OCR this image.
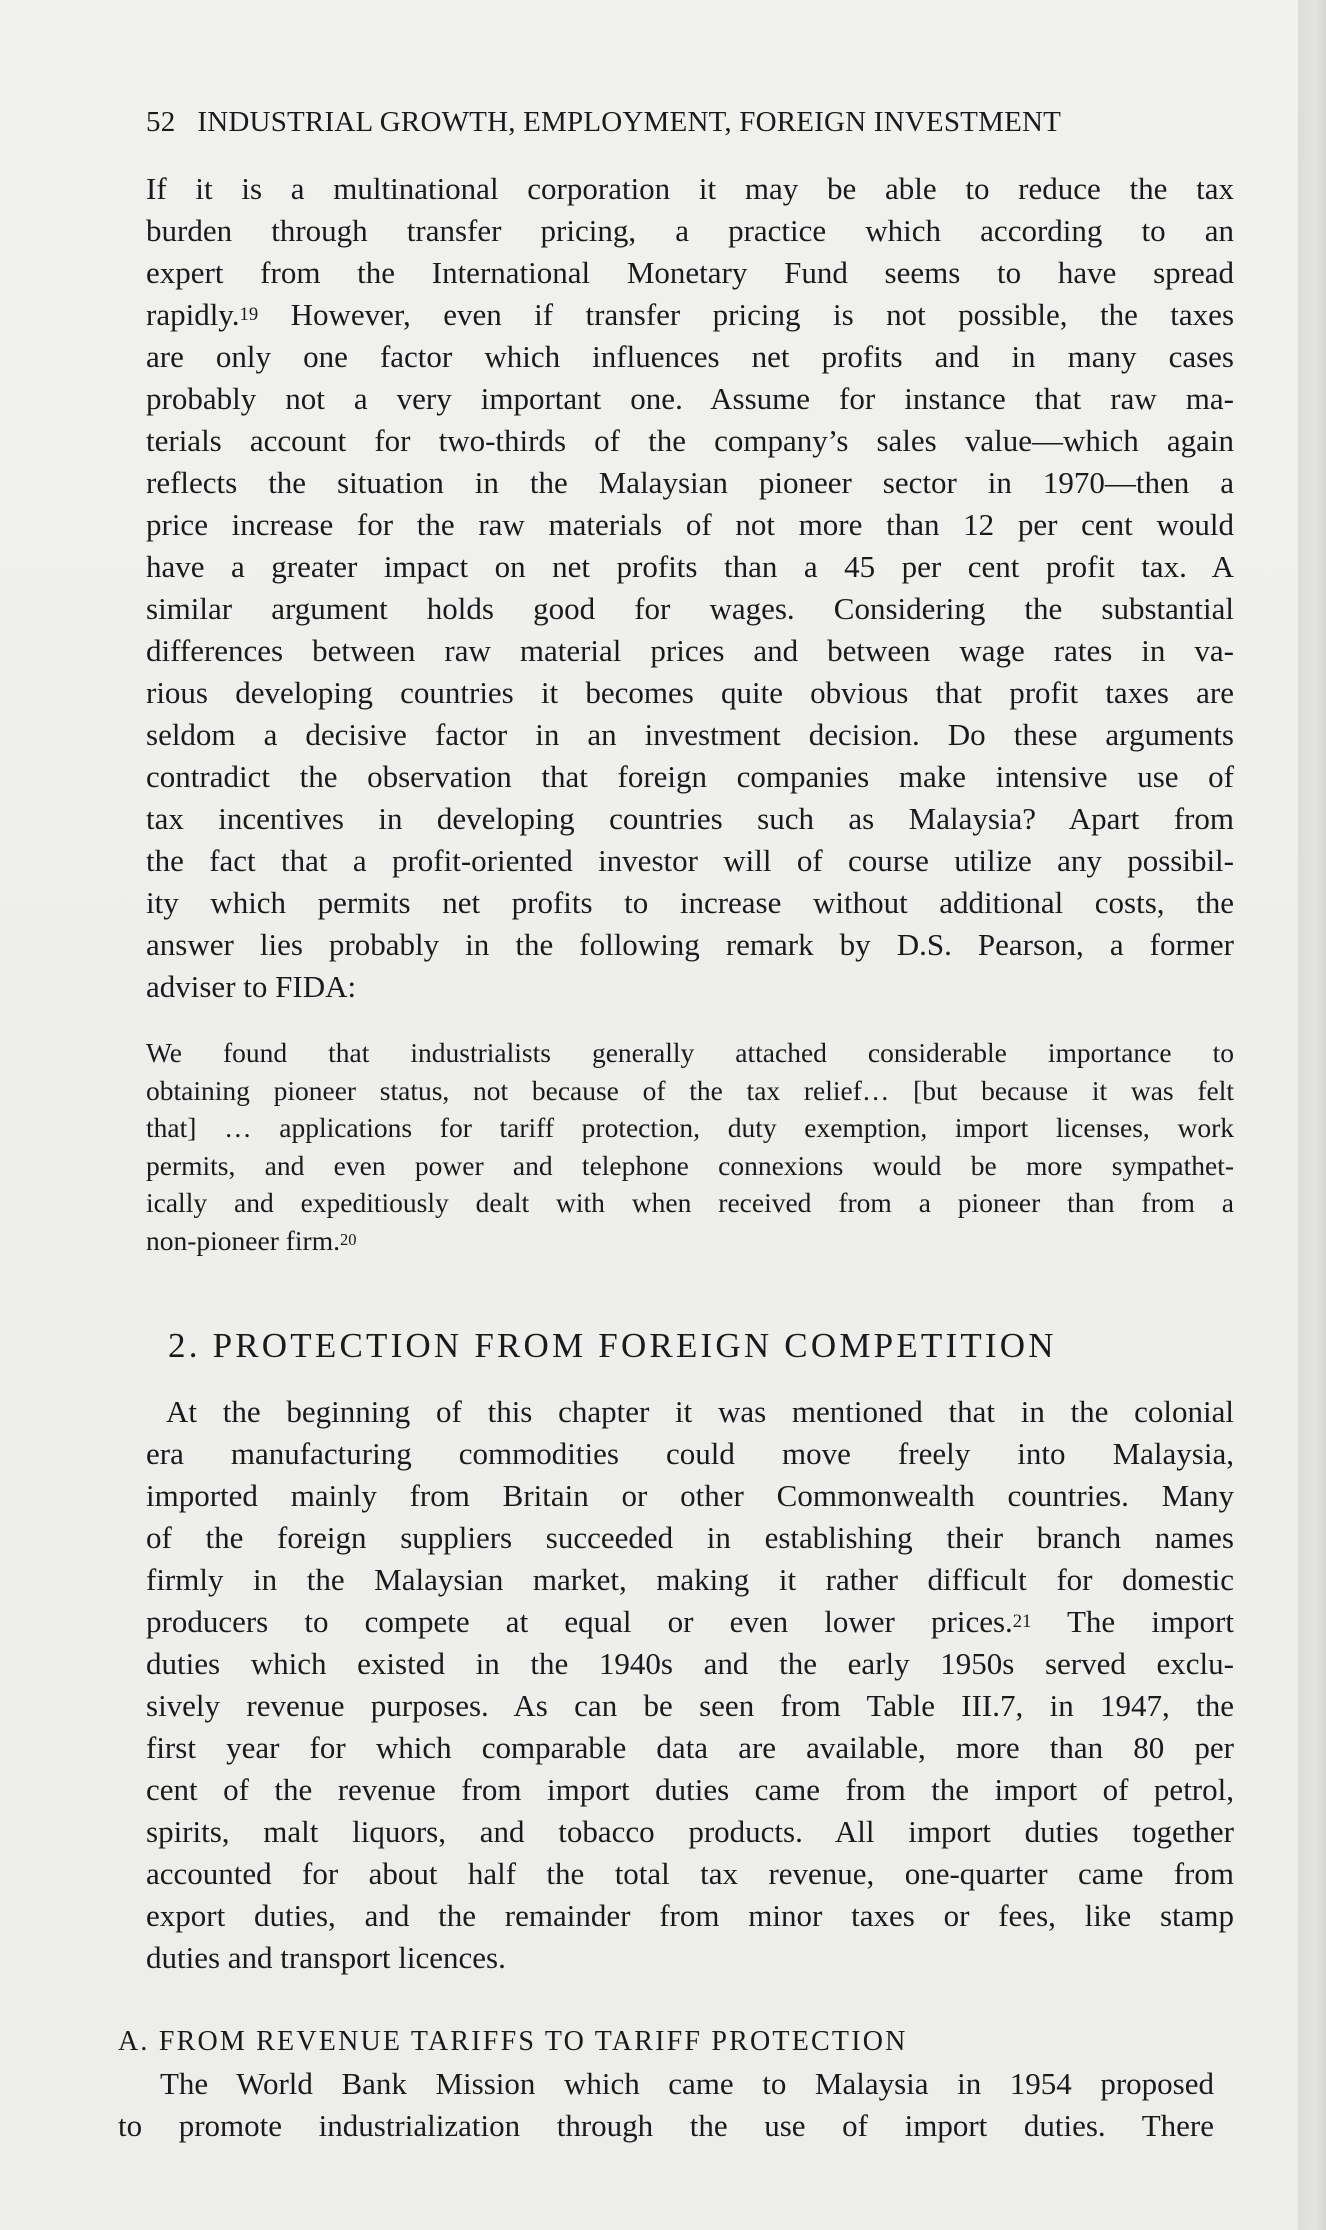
52 INDUSTRIAL GROWTH, EMPLOYMENT, FOREIGN INVESTMENT
If it is a multinational corporation it may be able to reduce the tax
burden through transfer pricing, a practice which according to an
expert from the International Monetary Fund seems to have spread
rapidly.$^{19}$ However, even if transfer pricing is not possible, the taxes
are only one factor which influences net profits and in many cases
probably not a very important one. Assume for instance that raw ma-
terials account for two-thirds of the company’s sales value—which again
reflects the situation in the Malaysian pioneer sector in 1970—then a
price increase for the raw materials of not more than 12 per cent would
have a greater impact on net profits than a 45 per cent profit tax. A
similar argument holds good for wages. Considering the substantial
differences between raw material prices and between wage rates in va-
rious developing countries it becomes quite obvious that profit taxes are
seldom a decisive factor in an investment decision. Do these arguments
contradict the observation that foreign companies make intensive use of
tax incentives in developing countries such as Malaysia? Apart from
the fact that a profit-oriented investor will of course utilize any possibil-
ity which permits net profits to increase without additional costs, the
answer lies probably in the following remark by D.S. Pearson, a former
adviser to FIDA:
We found that industrialists generally attached considerable importance to
obtaining pioneer status, not because of the tax relief… [but because it was felt
that] … applications for tariff protection, duty exemption, import licenses, work
permits, and even power and telephone connexions would be more sympathet-
ically and expeditiously dealt with when received from a pioneer than from a
non-pioneer firm.$^{20}$
2. PROTECTION FROM FOREIGN COMPETITION
At the beginning of this chapter it was mentioned that in the colonial
era manufacturing commodities could move freely into Malaysia,
imported mainly from Britain or other Commonwealth countries. Many
of the foreign suppliers succeeded in establishing their branch names
firmly in the Malaysian market, making it rather difficult for domestic
producers to compete at equal or even lower prices.$^{21}$ The import
duties which existed in the 1940s and the early 1950s served exclu-
sively revenue purposes. As can be seen from Table III.7, in 1947, the
first year for which comparable data are available, more than 80 per
cent of the revenue from import duties came from the import of petrol,
spirits, malt liquors, and tobacco products. All import duties together
accounted for about half the total tax revenue, one-quarter came from
export duties, and the remainder from minor taxes or fees, like stamp
duties and transport licences.
A. FROM REVENUE TARIFFS TO TARIFF PROTECTION
The World Bank Mission which came to Malaysia in 1954 proposed
to promote industrialization through the use of import duties. There
